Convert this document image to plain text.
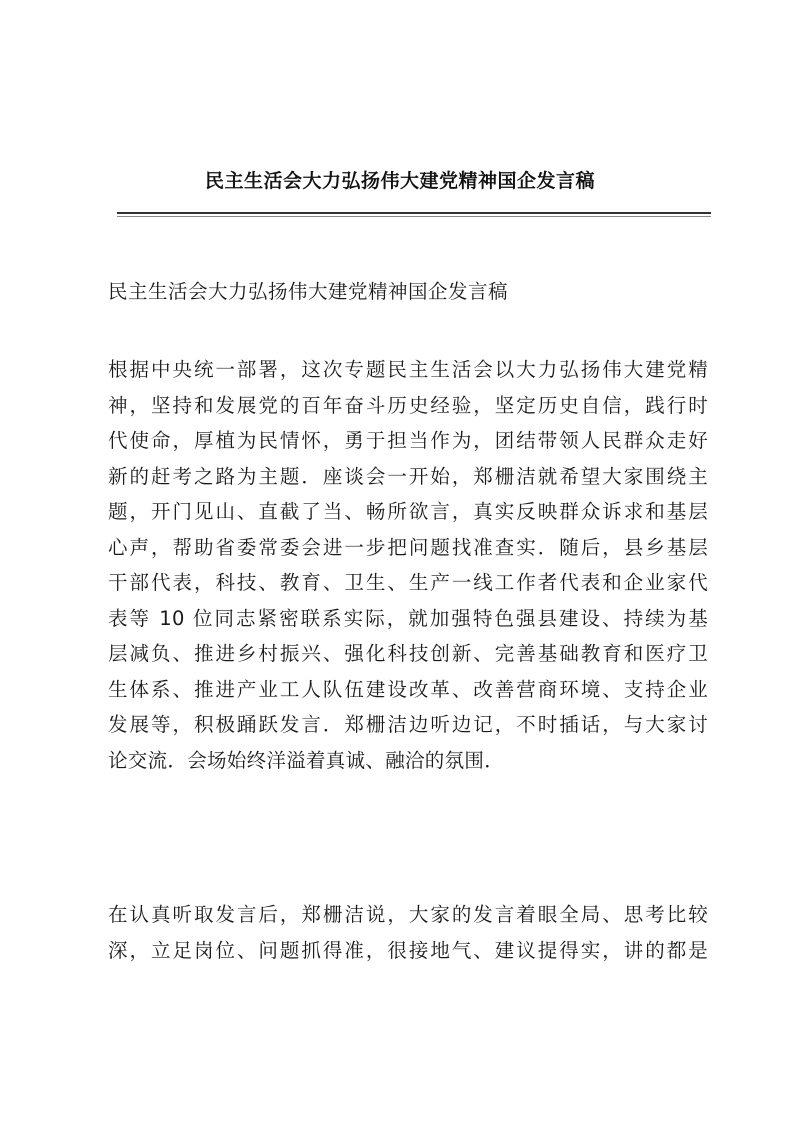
民主生活会大力弘扬伟大建党精神国企发言稿
民主生活会大力弘扬伟大建党精神国企发言稿
根据中央统一部署，这次专题民主生活会以大力弘扬伟大建党精
神，坚持和发展党的百年奋斗历史经验，坚定历史自信，践行时
代使命，厚植为民情怀，勇于担当作为，团结带领人民群众走好
新的赶考之路为主题．座谈会一开始，郑栅洁就希望大家围绕主
题，开门见山、直截了当、畅所欲言，真实反映群众诉求和基层
心声，帮助省委常委会进一步把问题找准查实．随后，县乡基层
干部代表，科技、教育、卫生、生产一线工作者代表和企业家代
表等 10 位同志紧密联系实际，就加强特色强县建设、持续为基
层减负、推进乡村振兴、强化科技创新、完善基础教育和医疗卫
生体系、推进产业工人队伍建设改革、改善营商环境、支持企业
发展等，积极踊跃发言．郑栅洁边听边记，不时插话，与大家讨
论交流．会场始终洋溢着真诚、融洽的氛围．
在认真听取发言后，郑栅洁说，大家的发言着眼全局、思考比较
深，立足岗位、问题抓得准，很接地气、建议提得实，讲的都是
